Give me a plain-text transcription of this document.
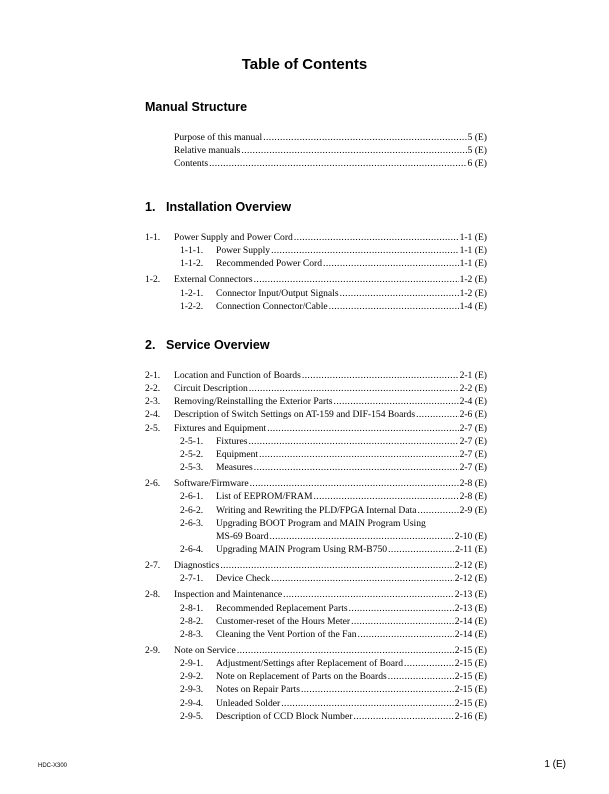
Table of Contents
Manual Structure
1. Installation Overview
2. Service Overview
Purpose of this manual .....	5 (E)
Relative manuals .....	5 (E)
Contents .....	6 (E)
1-1.	Power Supply and Power Cord .....	1-1 (E)
1-1-1.	Power Supply .....	1-1 (E)
1-1-2.	Recommended Power Cord .....	1-1 (E)
1-2.	External Connectors .....	1-2 (E)
1-2-1.	Connector Input/Output Signals .....	1-2 (E)
1-2-2.	Connection Connector/Cable .....	1-4 (E)
2-1.	Location and Function of Boards .....	2-1 (E)
2-2.	Circuit Description .....	2-2 (E)
2-3.	Removing/Reinstalling the Exterior Parts .....	2-4 (E)
2-4.	Description of Switch Settings on AT-159 and DIF-154 Boards .....	2-6 (E)
2-5.	Fixtures and Equipment .....	2-7 (E)
2-5-1.	Fixtures .....	2-7 (E)
2-5-2.	Equipment .....	2-7 (E)
2-5-3.	Measures .....	2-7 (E)
2-6.	Software/Firmware .....	2-8 (E)
2-6-1.	List of EEPROM/FRAM .....	2-8 (E)
2-6-2.	Writing and Rewriting the PLD/FPGA Internal Data .....	2-9 (E)
2-6-3.	Upgrading BOOT Program and MAIN Program Using
MS-69 Board .....	2-10 (E)
2-6-4.	Upgrading MAIN Program Using RM-B750 .....	2-11 (E)
2-7.	Diagnostics .....	2-12 (E)
2-7-1.	Device Check .....	2-12 (E)
2-8.	Inspection and Maintenance .....	2-13 (E)
2-8-1.	Recommended Replacement Parts .....	2-13 (E)
2-8-2.	Customer-reset of the Hours Meter .....	2-14 (E)
2-8-3.	Cleaning the Vent Portion of the Fan .....	2-14 (E)
2-9.	Note on Service .....	2-15 (E)
2-9-1.	Adjustment/Settings after Replacement of Board .....	2-15 (E)
2-9-2.	Note on Replacement of Parts on the Boards .....	2-15 (E)
2-9-3.	Notes on Repair Parts .....	2-15 (E)
2-9-4.	Unleaded Solder .....	2-15 (E)
2-9-5.	Description of CCD Block Number .....	2-16 (E)
HDC-X300	1 (E)
